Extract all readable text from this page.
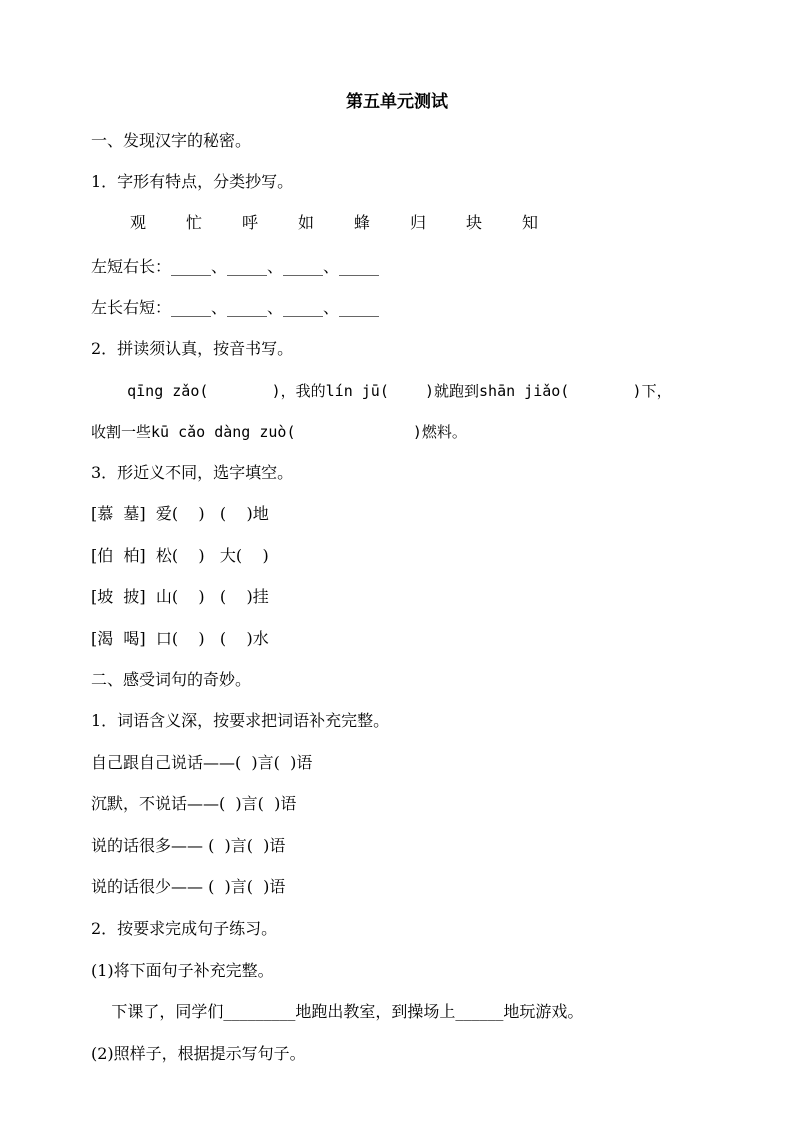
第五单元测试
一、发现汉字的秘密。
1．字形有特点，分类抄写。
观 忙 呼 如 蜂 归 块 知
左短右长：_____、_____、_____、_____
左长右短：_____、_____、_____、_____
2．拼读须认真，按音书写。
qīng zǎo(       )，我的lín jū(    )就跑到shān jiǎo(       )下，
收割一些kū cǎo dàng zuò(             )燃料。
3．形近义不同，选字填空。
[慕  墓]  爱(    )   (    )地
[伯  柏]  松(    )   大(    )
[坡  披]  山(    )   (    )挂
[渴  喝]  口(    )   (    )水
二、感受词句的奇妙。
1．词语含义深，按要求把词语补充完整。
自己跟自己说话——(  )言(  )语
沉默，不说话——(  )言(  )语
说的话很多—— (  )言(  )语
说的话很少—— (  )言(  )语
2．按要求完成句子练习。
(1)将下面句子补充完整。
下课了，同学们_________地跑出教室，到操场上______地玩游戏。
(2)照样子，根据提示写句子。
